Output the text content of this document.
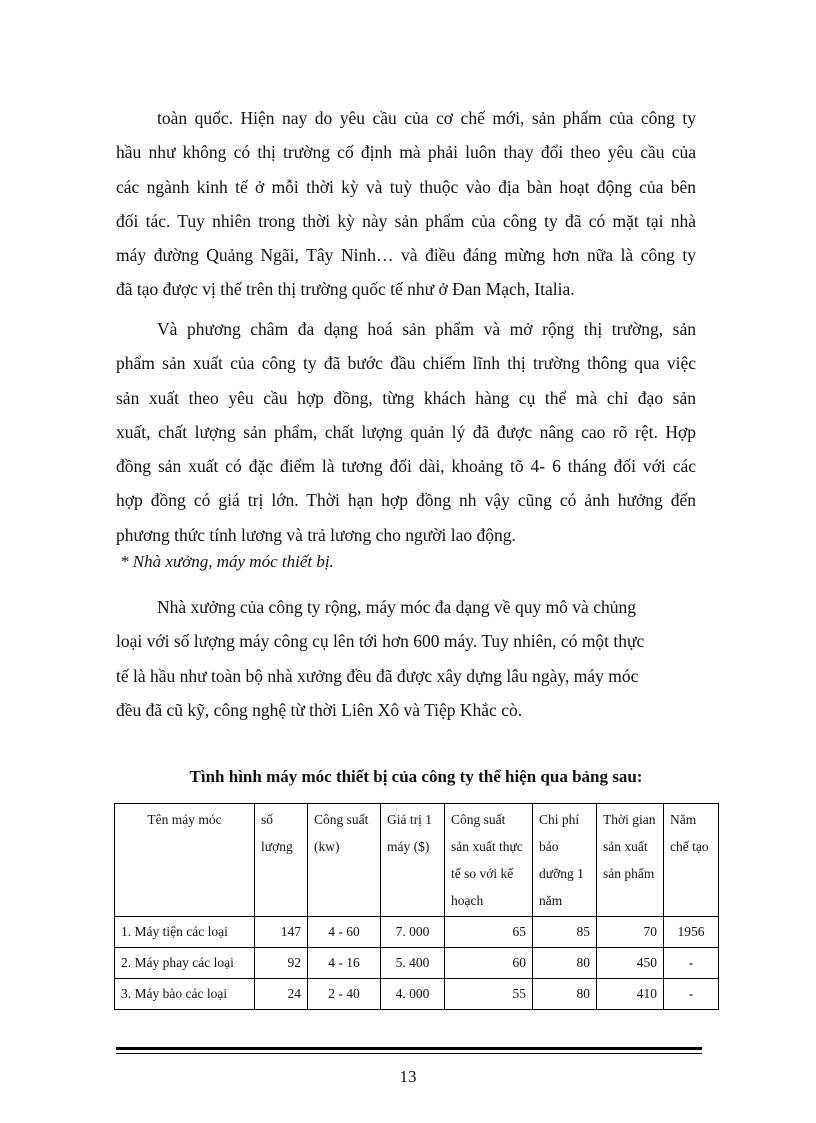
toàn quốc. Hiện nay do yêu cầu của cơ chế mới, sản phẩm của công ty
hầu như không có thị trường cố định mà phải luôn thay đổi theo yêu cầu của
các ngành kinh tế ở mỗi thời kỳ và tuỳ thuộc vào địa bàn hoạt động của bên
đối tác. Tuy nhiên trong thời kỳ này sản phẩm của công ty đã có mặt tại nhà
máy đường Quảng Ngãi, Tây Ninh… và điều đáng mừng hơn nữa là công ty
đã tạo được vị thế trên thị trường quốc tế như ở Đan Mạch, Italia.
Và phương châm đa dạng hoá sản phẩm và mở rộng thị trường, sản
phẩm sản xuất của công ty đã bước đầu chiếm lĩnh thị trường thông qua việc
sản xuất theo yêu cầu hợp đồng, từng khách hàng cụ thể mà chỉ đạo sản
xuất, chất lượng sản phẩm, chất lượng quản lý đã được nâng cao rõ rệt. Hợp
đồng sản xuất có đặc điểm là tương đối dài, khoảng tõ 4- 6 tháng đối với các
hợp đồng có giá trị lớn. Thời hạn hợp đồng nh vậy cũng có ảnh hưởng đến
phương thức tính lương và trả lương cho người lao động.
* Nhà xưởng, máy móc thiết bị.
Nhà xưởng của công ty rộng, máy móc đa dạng về quy mô và chủng
loại với số lượng máy công cụ lên tới hơn 600 máy. Tuy nhiên, có một thực
tế là hầu như toàn bộ nhà xưởng đều đã được xây dựng lâu ngày, máy móc
đều đã cũ kỹ, công nghệ từ thời Liên Xô và Tiệp Khắc cò.
Tình hình máy móc thiết bị của công ty thể hiện qua bảng sau:
Tên máy móc	số lượng	Công suất (kw)	Giá trị 1 máy ($)	Công suất sản xuất thực tế so với kế hoạch	Chi phí bảo dưỡng 1 năm	Thời gian sản xuất sản phẩm	Năm chế tạo
1. Máy tiện các loại	147	4 - 60	7. 000	65	85	70	1956
2. Máy phay các loại	92	4 - 16	5. 400	60	80	450	-
3. Máy bào các loại	24	2 - 40	4. 000	55	80	410	-
13
